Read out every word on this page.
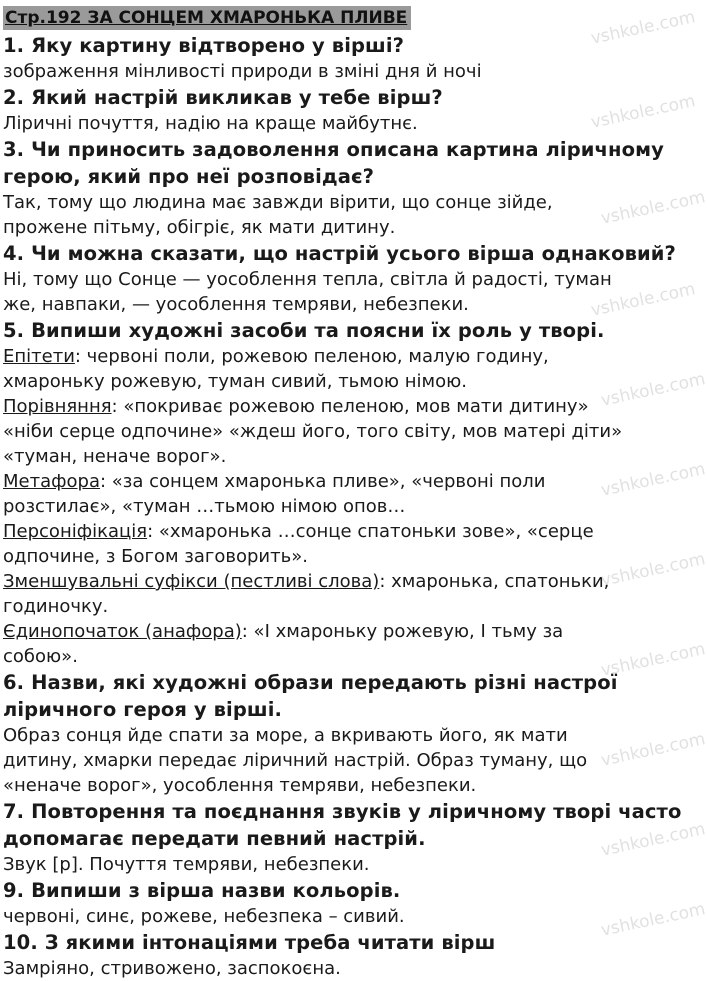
Стр.192 ЗА СОНЦЕМ ХМАРОНЬКА ПЛИВЕ

1. Яку картину відтворено у вірші?

зображення мінливості природи в зміні дня й ночі

2. Який настрій викликав у тебе вірш?

Ліричні почуття, надію на краще майбутнє.

3. Чи приносить задоволення описана картина ліричному

герою, який про неї розповідає?

Так, тому що людина має завжди вірити, що сонце зійде,

прожене пітьму, обігріє, як мати дитину.

4. Чи можна сказати, що настрій усього вірша однаковий?

Ні, тому що Сонце — уособлення тепла, світла й радості, туман

же, навпаки, — уособлення темряви, небезпеки.

5. Випиши художні засоби та поясни їх роль у творі.

Епітети: червоні поли, рожевою пеленою, малую годину,

хмароньку рожевую, туман сивий, тьмою німою.

Порівняння: «покриває рожевою пеленою, мов мати дитину»

«ніби серце одпочине» «ждеш його, того світу, мов матері діти»

«туман, неначе ворог».

Метафора: «за сонцем хмаронька пливе», «червоні поли

розстилає», «туман …тьмою німою опов…

Персоніфікація: «хмаронька …сонце спатоньки зове», «серце

одпочине, з Богом заговорить».

Зменшувальні суфікси (пестливі слова): хмаронька, спатоньки,

годиночку.

Єдинопочаток (анафора): «І хмароньку рожевую, І тьму за

собою».

6. Назви, які художні образи передають різні настрої

ліричного героя у вірші.

Образ сонця йде спати за море, а вкривають його, як мати

дитину, хмарки передає ліричний настрій. Образ туману, що

«неначе ворог», уособлення темряви, небезпеки.

7. Повторення та поєднання звуків у ліричному творі часто

допомагає передати певний настрій.

Звук [р]. Почуття темряви, небезпеки.

9. Випиши з вірша назви кольорів.

червоні, синє, рожеве, небезпека – сивий.

10. З якими інтонаціями треба читати вірш

Замріяно, стривожено, заспокоєна.

vshkole.com
vshkole.com
vshkole.com
vshkole.com
vshkole.com
vshkole.com
vshkole.com
vshkole.com
vshkole.com
vshkole.com
vshkole.com
